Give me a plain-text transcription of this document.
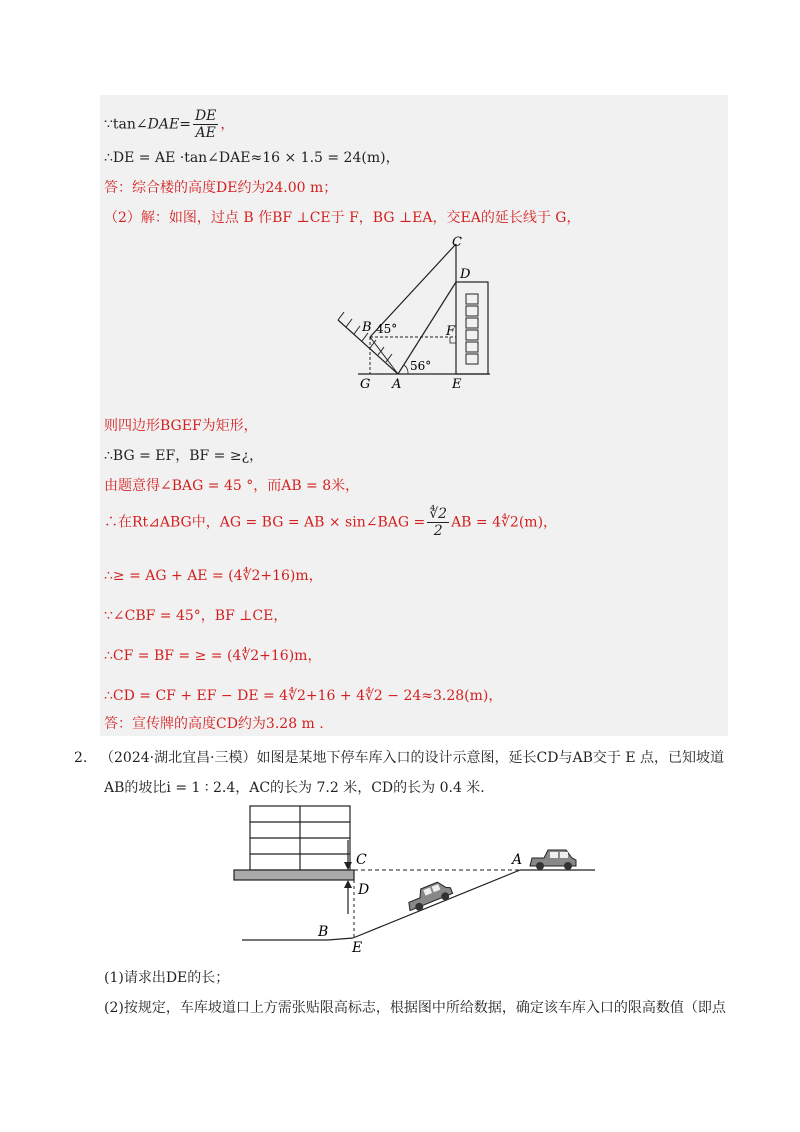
∵tan∠DAE= $\frac{DE}{AE}$ ，
∴DE = AE ·tan∠DAE≈16 × 1.5 = 24(m)，
答：综合楼的高度DE约为24.00 m；
（2）解：如图，过点 B 作BF ⊥CE于 F，BG ⊥EA，交EA的延长线于 G，
C
D
B 45°	F
56°
G A	E
则四边形BGEF为矩形，
∴BG = EF，BF = ≥¿，
由题意得∠BAG = 45 °，而AB = 8米，
∴在Rt⊿ABG中，AG = BG = AB × sin∠BAG = $\frac{∜2}{2}$ AB = 4∜2(m)，
∴≥ = AG + AE = (4∜2+16)m，
∵∠CBF = 45°，BF ⊥CE，
∴CF = BF = ≥ = (4∜2+16)m，
∴CD = CF + EF − DE = 4∜2+16 + 4∜2 − 24≈3.28(m)，
答：宣传牌的高度CD约为3.28 m .
2. （2024·湖北宜昌·三模）如图是某地下停车库入口的设计示意图，延长CD与AB交于 E 点，已知坡道
AB的坡比i = 1 ∶ 2.4，AC的长为 7.2 米，CD的长为 0.4 米.
C	A
D
B
E
(1)请求出DE的长；
(2)按规定，车库坡道口上方需张贴限高标志，根据图中所给数据，确定该车库入口的限高数值（即点
